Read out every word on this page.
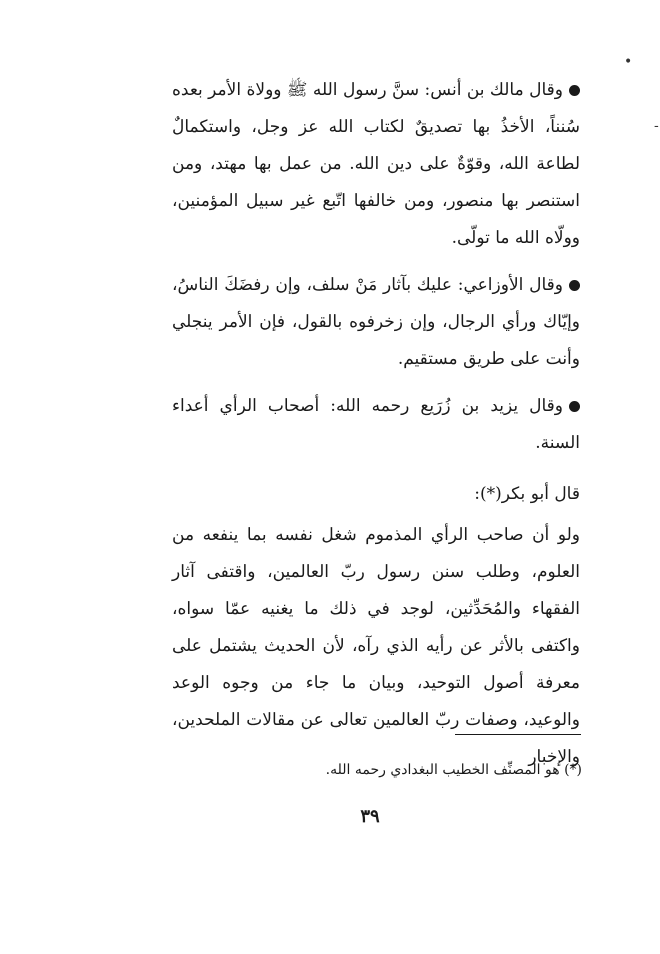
•
-

وقال مالك بن أنس: سنَّ رسول الله ﷺ وولاة الأمر بعده سُنناً، الأخذُ بها تصديقٌ لكتاب الله عز وجل، واستكمالٌ لطاعة الله، وقوّةٌ على دين الله. من عمل بها مهتد، ومن استنصر بها منصور، ومن خالفها اتّبع غير سبيل المؤمنين، وولّاه الله ما تولّى.

وقال الأوزاعي: عليك بآثار مَنْ سلف، وإن رفضَكَ الناسُ، وإيّاك ورأي الرجال، وإن زخرفوه بالقول، فإن الأمر ينجلي وأنت على طريق مستقيم.

وقال يزيد بن زُرَيع رحمه الله: أصحاب الرأي أعداء السنة.

قال أبو بكر(*):

ولو أن صاحب الرأي المذموم شغل نفسه بما ينفعه من العلوم، وطلب سنن رسول ربّ العالمين، واقتفى آثار الفقهاء والمُحَدِّثين، لوجد في ذلك ما يغنيه عمّا سواه، واكتفى بالأثر عن رأيه الذي رآه، لأن الحديث يشتمل على معرفة أصول التوحيد، وبيان ما جاء من وجوه الوعد والوعيد، وصفات ربّ العالمين تعالى عن مقالات الملحدين، والإخبار

(*) هو المصنِّف الخطيب البغدادي رحمه الله.
٣٩
